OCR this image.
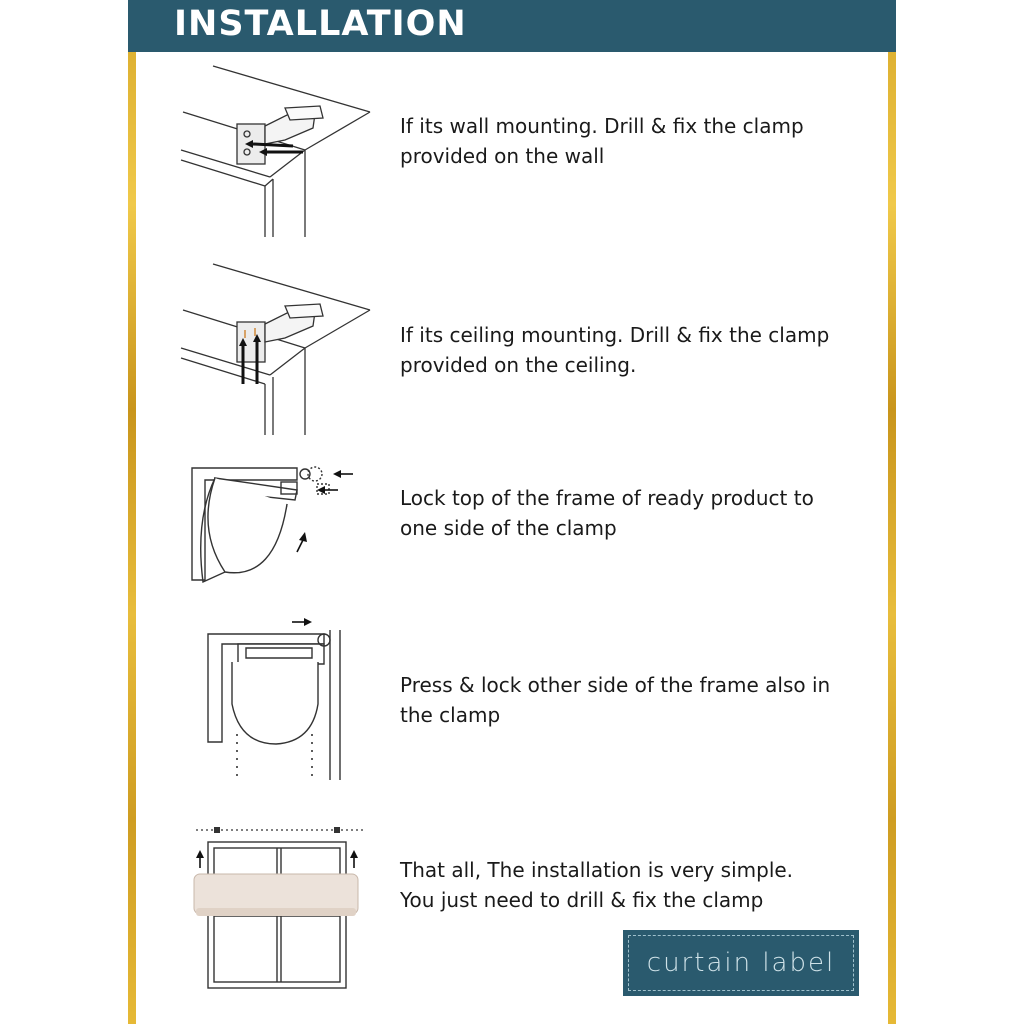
INSTALLATION
If its wall mounting. Drill & fix the clamp
provided on the wall
If its ceiling mounting. Drill & fix the clamp
provided on the ceiling.
Lock top of the frame of ready product to
one side of the clamp
Press & lock other side of the frame also in
the clamp
That all, The installation is very simple.
You just need to drill & fix the clamp
curtain label
